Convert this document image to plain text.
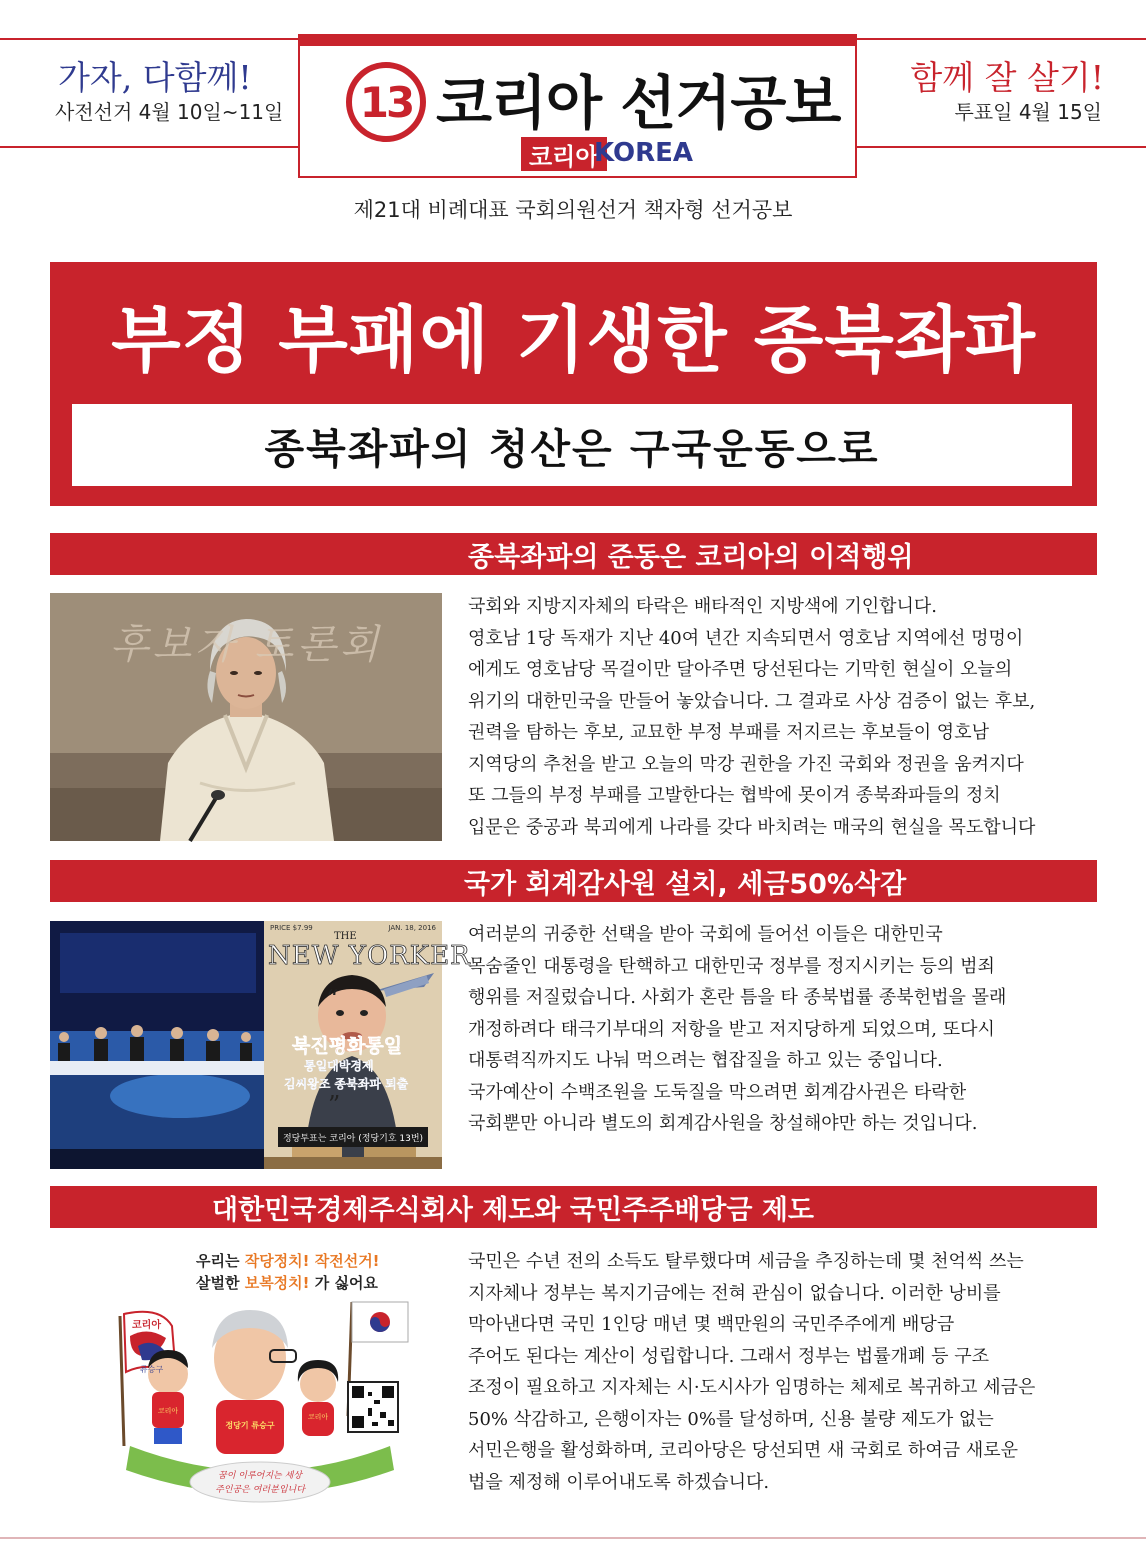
가자, 다함께!
사전선거 4월 10일~11일
함께 잘 살기!
투표일 4월 15일
13 코리아 선거공보
코리아
KOREA
제21대 비례대표 국회의원선거 책자형 선거공보
부정 부패에 기생한 종북좌파
종북좌파의 청산은 구국운동으로
종북좌파의 준동은 코리아의 이적행위
후보자 토론회
국회와 지방지자체의 타락은 배타적인 지방색에 기인합니다.
영호남 1당 독재가 지난 40여 년간 지속되면서 영호남 지역에선 멍멍이
에게도 영호남당 목걸이만 달아주면 당선된다는 기막힌 현실이 오늘의
위기의 대한민국을 만들어 놓았습니다. 그 결과로 사상 검증이 없는 후보,
권력을 탐하는 후보, 교묘한 부정 부패를 저지르는 후보들이 영호남
지역당의 추천을 받고 오늘의 막강 권한을 가진 국회와 정권을 움켜지다
또 그들의 부정 부패를 고발한다는 협박에 못이겨 종북좌파들의 정치
입문은 중공과 북괴에게 나라를 갖다 바치려는 매국의 현실을 목도합니다
국가 회계감사원 설치, 세금50%삭감
PRICE $7.99	JAN. 18, 2016
THE
NEW YORKER
“
북진평화통일
통일대박경제
김씨왕조 종북좌파 퇴출
”
정당투표는 코리아 (정당기호 13번)
여러분의 귀중한 선택을 받아 국회에 들어선 이들은 대한민국
목숨줄인 대통령을 탄핵하고 대한민국 정부를 정지시키는 등의 범죄
행위를 저질렀습니다. 사회가 혼란 틈을 타 종북법률 종북헌법을 몰래
개정하려다 태극기부대의 저항을 받고 저지당하게 되었으며, 또다시
대통력직까지도 나눠 먹으려는 협잡질을 하고 있는 중입니다.
국가예산이 수백조원을 도둑질을 막으려면 회계감사권은 타락한
국회뿐만 아니라 별도의 회계감사원을 창설해야만 하는 것입니다.
대한민국경제주식회사 제도와 국민주주배당금 제도
우리는 작당정치! 작전선거!
살벌한 보복정치! 가 싫어요
코리아
류승구
정당기 류승구
코리아
코리아
꿈이 이루어지는 세상
주인공은 여러분입니다
국민은 수년 전의 소득도 탈루했다며 세금을 추징하는데 몇 천억씩 쓰는
지자체나 정부는 복지기금에는 전혀 관심이 없습니다. 이러한 낭비를
막아낸다면 국민 1인당 매년 몇 백만원의 국민주주에게 배당금
주어도 된다는 계산이 성립합니다. 그래서 정부는 법률개폐 등 구조
조정이 필요하고 지자체는 시·도시사가 임명하는 체제로 복귀하고 세금은
50% 삭감하고, 은행이자는 0%를 달성하며, 신용 불량 제도가 없는
서민은행을 활성화하며, 코리아당은 당선되면 새 국회로 하여금 새로운
법을 제정해 이루어내도록 하겠습니다.
